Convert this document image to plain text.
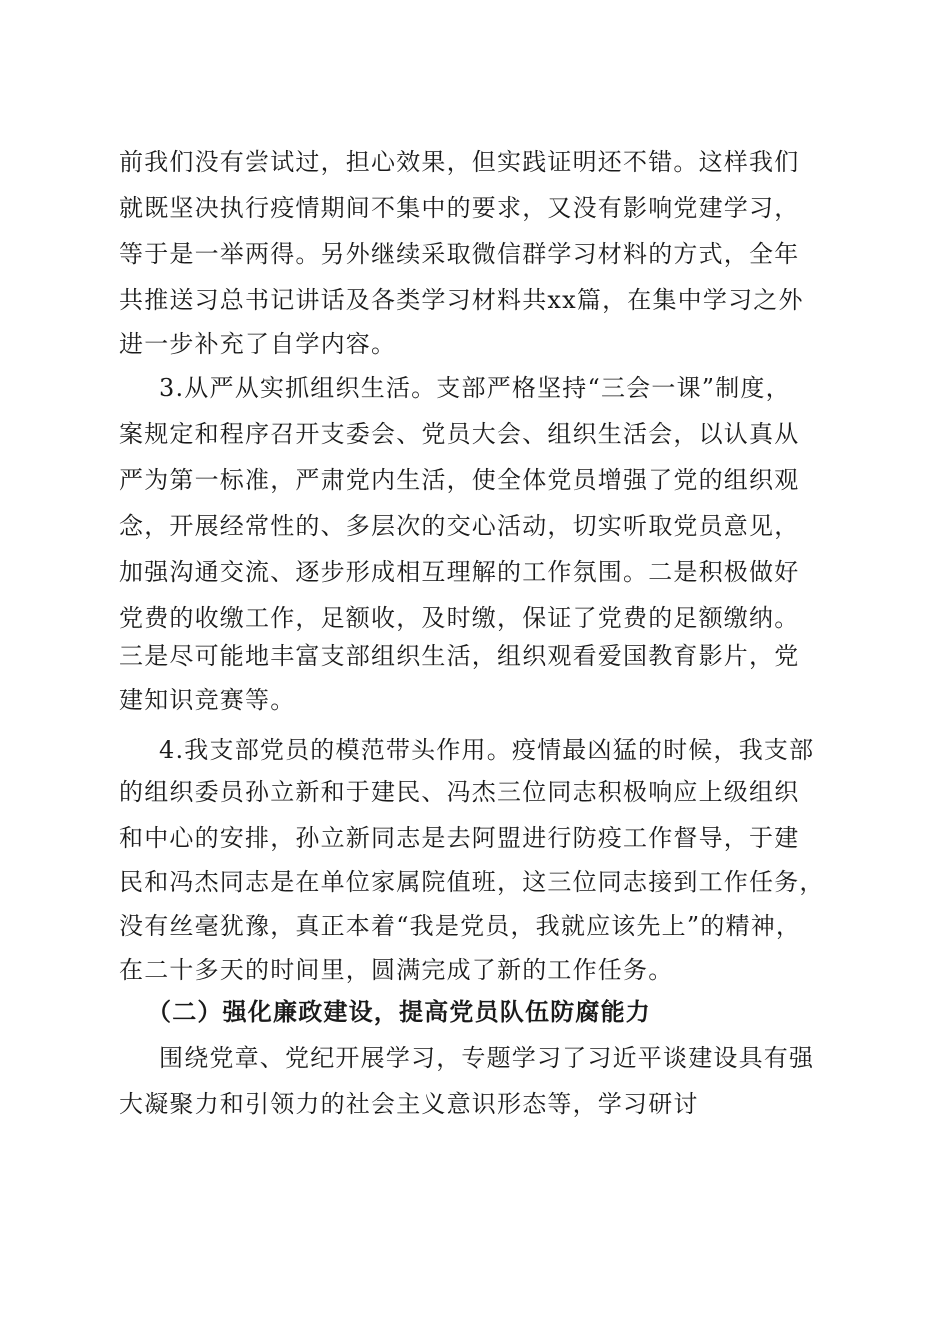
前我们没有尝试过，担心效果，但实践证明还不错。这样我们
就既坚决执行疫情期间不集中的要求，又没有影响党建学习，
等于是一举两得。另外继续采取微信群学习材料的方式，全年
共推送习总书记讲话及各类学习材料共xx篇，在集中学习之外
进一步补充了自学内容。
3.从严从实抓组织生活。支部严格坚持“三会一课”制度，
案规定和程序召开支委会、党员大会、组织生活会，以认真从
严为第一标准，严肃党内生活，使全体党员增强了党的组织观
念，开展经常性的、多层次的交心活动，切实听取党员意见，
加强沟通交流、逐步形成相互理解的工作氛围。二是积极做好
党费的收缴工作，足额收，及时缴，保证了党费的足额缴纳。
三是尽可能地丰富支部组织生活，组织观看爱国教育影片，党
建知识竞赛等。
4.我支部党员的模范带头作用。疫情最凶猛的时候，我支部
的组织委员孙立新和于建民、冯杰三位同志积极响应上级组织
和中心的安排，孙立新同志是去阿盟进行防疫工作督导，于建
民和冯杰同志是在单位家属院值班，这三位同志接到工作任务，
没有丝毫犹豫，真正本着“我是党员，我就应该先上”的精神，
在二十多天的时间里，圆满完成了新的工作任务。
（二）强化廉政建设，提高党员队伍防腐能力
围绕党章、党纪开展学习，专题学习了习近平谈建设具有强
大凝聚力和引领力的社会主义意识形态等，学习研讨
